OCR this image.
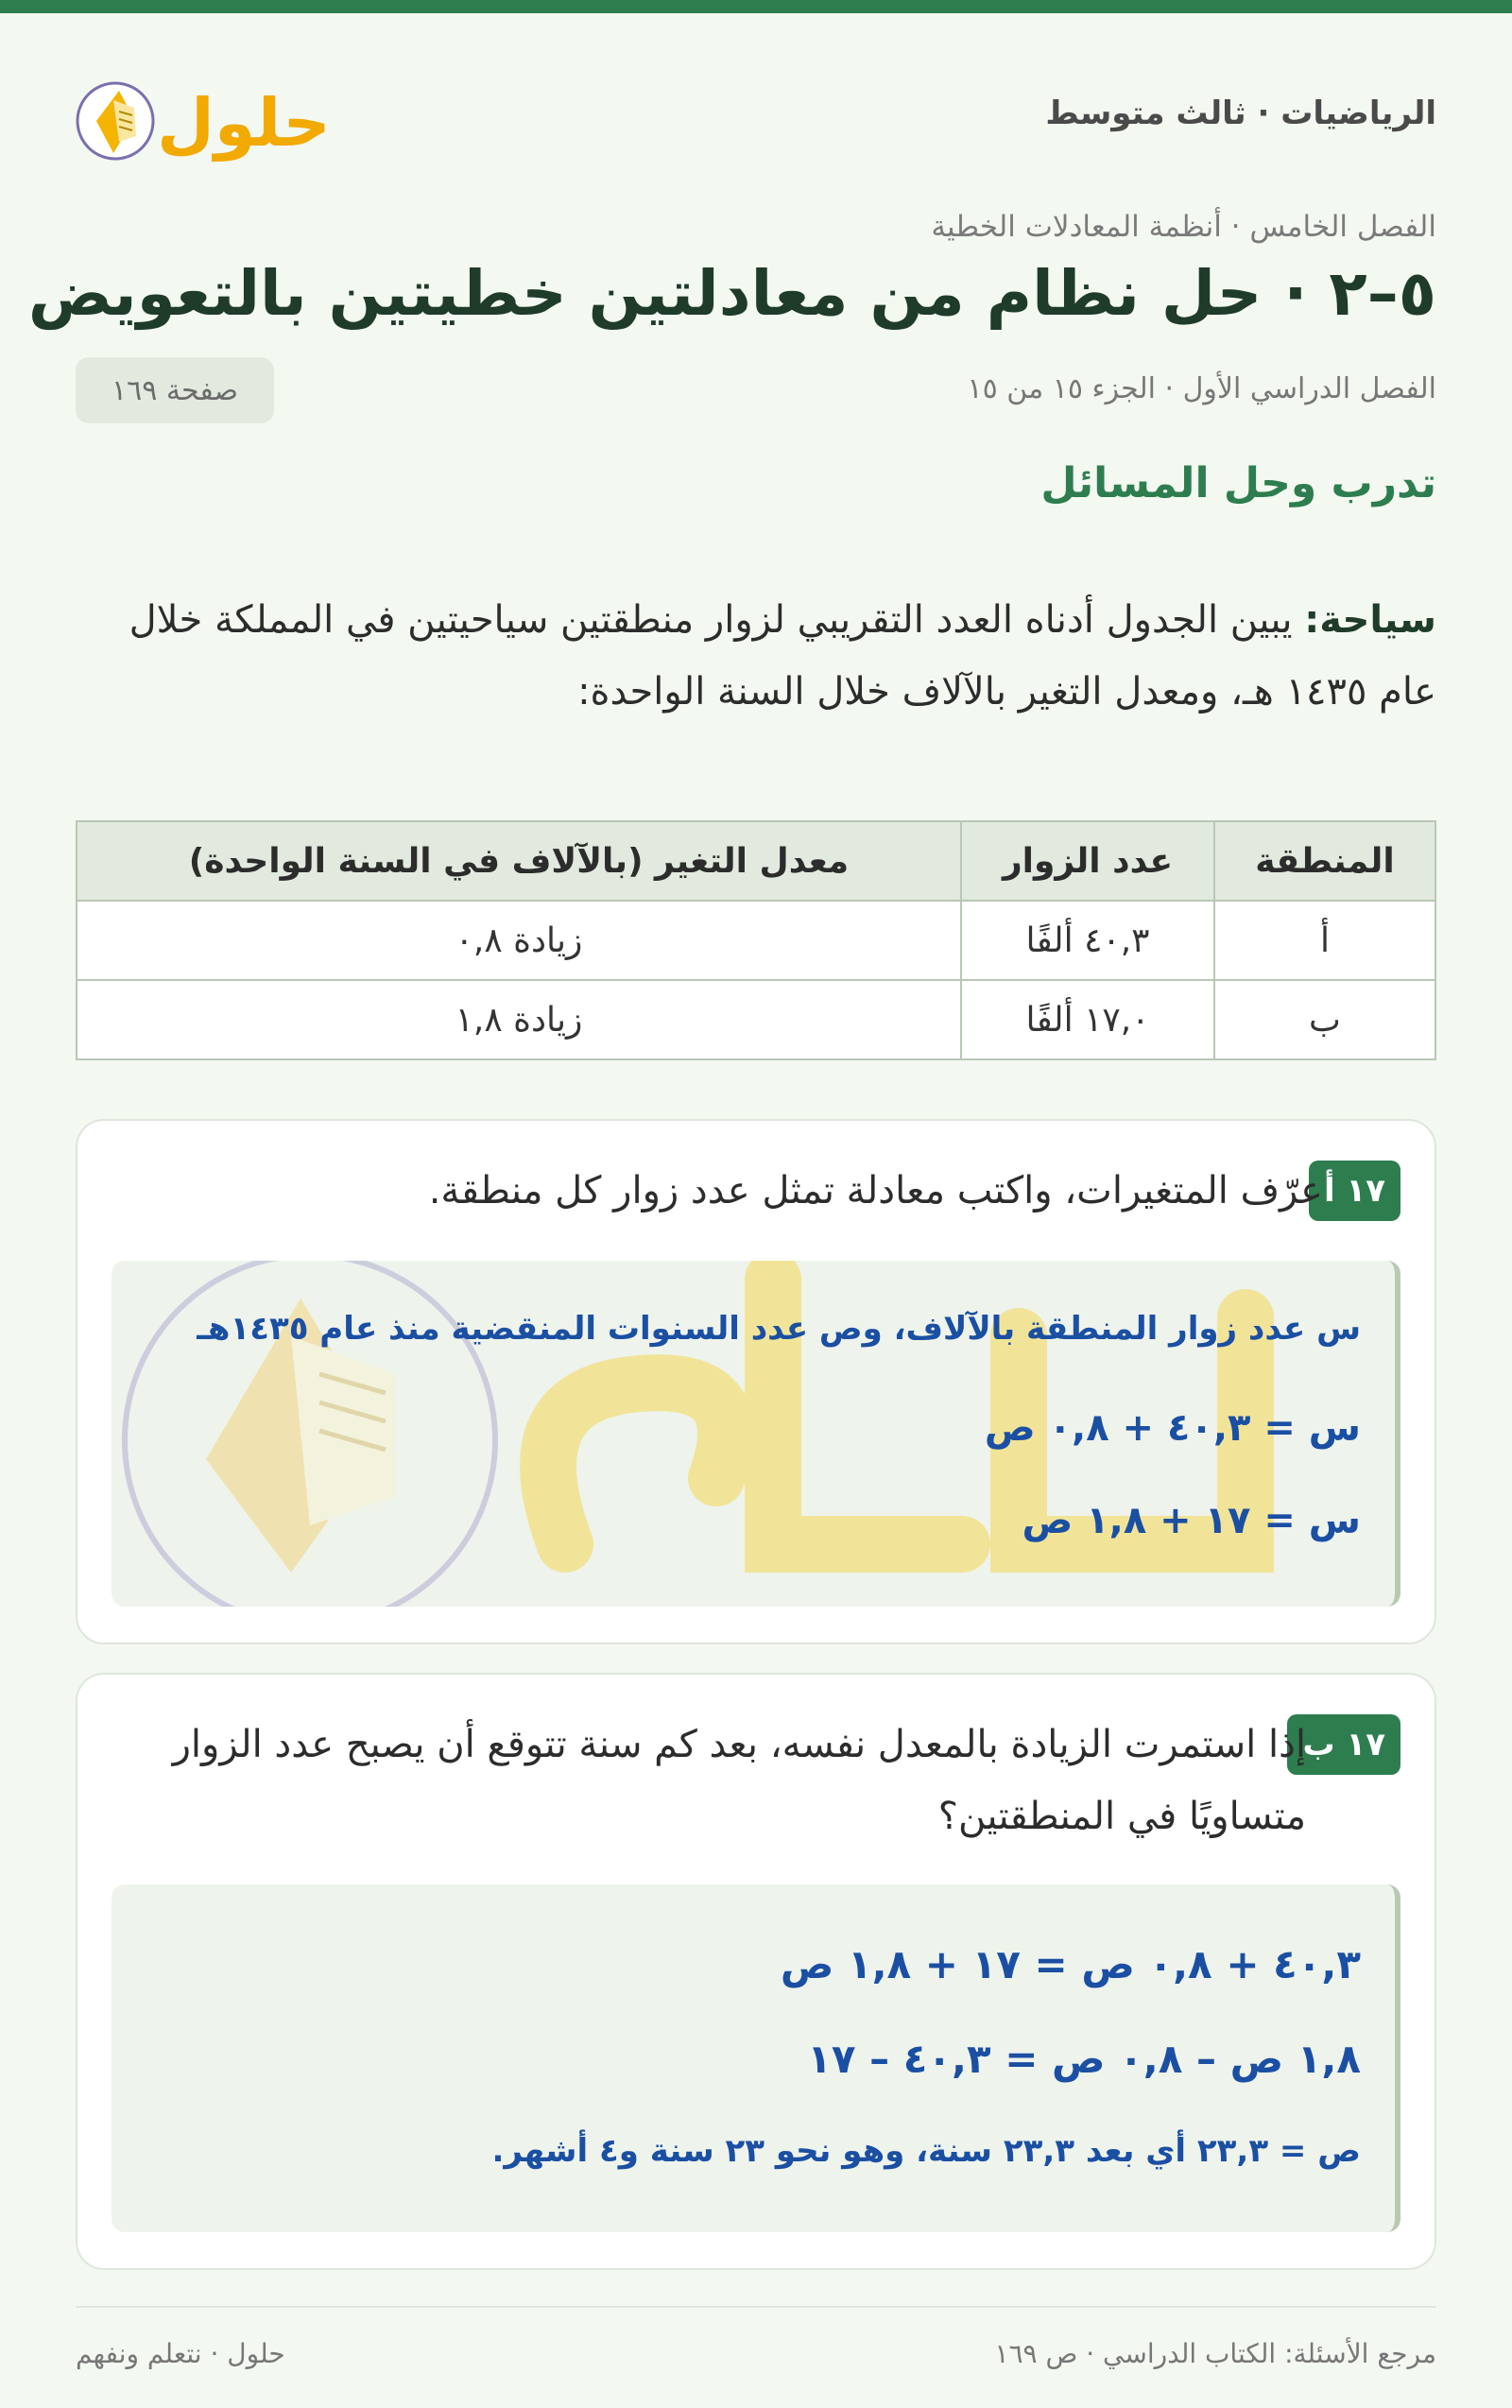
الرياضيات · ثالث متوسط
حلول
الفصل الخامس · أنظمة المعادلات الخطية
٥–٢ · حل نظام من معادلتين خطيتين بالتعويض
الفصل الدراسي الأول · الجزء ١٥ من ١٥
صفحة ١٦٩
تدرب وحل المسائل

سياحة: يبين الجدول أدناه العدد التقريبي لزوار منطقتين سياحيتين في المملكة خلال عام ١٤٣٥ هـ، ومعدل التغير بالآلاف خلال السنة الواحدة:

المنطقة	عدد الزوار	معدل التغير (بالآلاف في السنة الواحدة)
أ	٤٠,٣ ألفًا	زيادة ٠,٨
ب	١٧,٠ ألفًا	زيادة ١,٨
١٧ أ
عرّف المتغيرات، واكتب معادلة تمثل عدد زوار كل منطقة.
س عدد زوار المنطقة بالآلاف، وص عدد السنوات المنقضية منذ عام ١٤٣٥هـ
س = ٤٠,٣ + ٠,٨ ص
س = ١٧ + ١,٨ ص
١٧ ب
إذا استمرت الزيادة بالمعدل نفسه، بعد كم سنة تتوقع أن يصبح عدد الزوار متساويًا في المنطقتين؟
٤٠,٣ + ٠,٨ ص = ١٧ + ١,٨ ص
١,٨ ص – ٠,٨ ص = ٤٠,٣ – ١٧
ص = ٢٣,٣ أي بعد ٢٣,٣ سنة، وهو نحو ٢٣ سنة و٤ أشهر.
مرجع الأسئلة: الكتاب الدراسي · ص ١٦٩
حلول · نتعلم ونفهم
